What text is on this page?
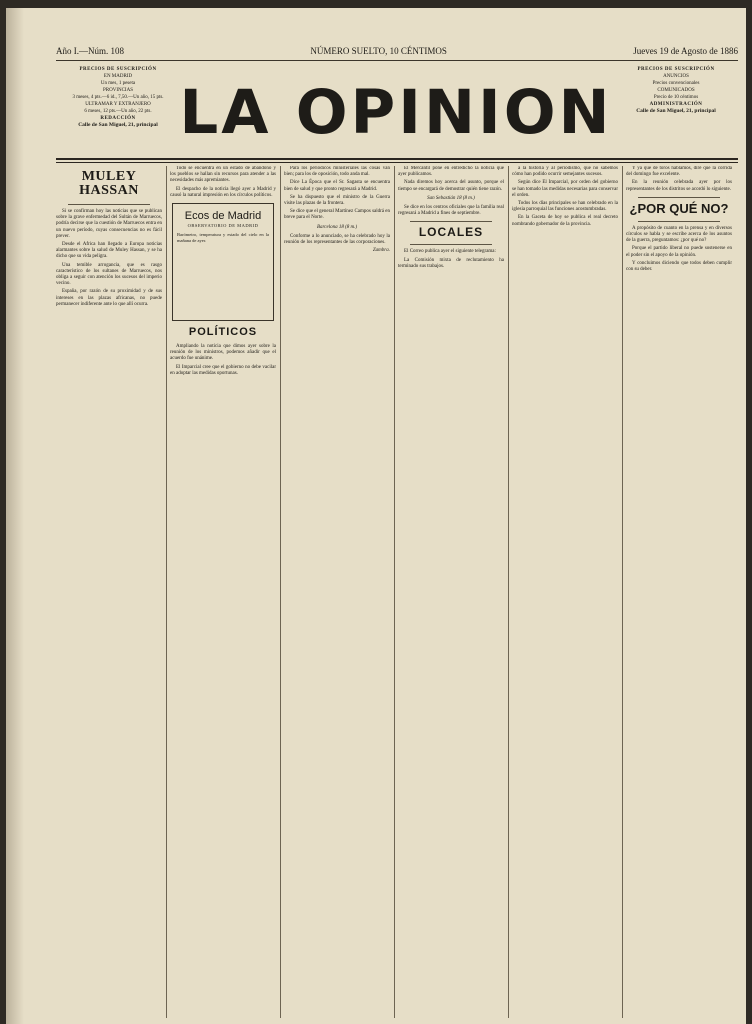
Año I.—Núm. 108	NÚMERO SUELTO, 10 CÉNTIMOS	Jueves 19 de Agosto de 1886
PRECIOS DE SUSCRIPCIÓN
EN MADRID
Un mes, 1 peseta
PROVINCIAS
3 meses, 4 pts.—6 id., 7,50.—Un año, 15 pts.
ULTRAMAR Y EXTRANJERO
6 meses, 12 pts.—Un año, 22 pts.
REDACCIÓN
Calle de San Miguel, 21, principal
PRECIOS DE SUSCRIPCIÓN
ANUNCIOS
Precios convencionales
COMUNICADOS
Precio de 10 céntimos
ADMINISTRACIÓN
Calle de San Miguel, 21, principal
LA OPINION
MULEY HASSAN

Si se confirman hoy las noticias que se publican sobre la grave enfermedad del Sultán de Marruecos, podría decirse que la cuestión de Marruecos entra en un nuevo período, cuyas consecuencias no es fácil prever.

Desde el Africa han llegado a Europa noticias alarmantes sobre la salud de Muley Hassan, y se ha dicho que su vida peligra.

Una temible arrogancia, que es rasgo característico de los sultanes de Marruecos, nos obliga a seguir con atención los sucesos del imperio vecino.

España, por razón de su proximidad y de sus intereses en las plazas africanas, no puede permanecer indiferente ante lo que allí ocurra.

Todo se encuentra en un estado de abandono y los pueblos se hallan sin recursos para atender a las necesidades más apremiantes.

El despacho de la noticia llegó ayer a Madrid y causó la natural impresión en los círculos políticos.

Ecos de Madrid
OBSERVATORIO DE MADRID
Barómetro, temperatura y estado del cielo en la mañana de ayer.
POLÍTICOS

Ampliando la noticia que dimos ayer sobre la reunión de los ministros, podemos añadir que el acuerdo fue unánime.

El Imparcial cree que el gobierno no debe vacilar en adoptar las medidas oportunas.

Para los periódicos ministeriales las cosas van bien; para los de oposición, todo anda mal.

Dice La Época que el Sr. Sagasta se encuentra bien de salud y que pronto regresará a Madrid.

Se ha dispuesto que el ministro de la Guerra visite las plazas de la frontera.

Se dice que el general Martínez Campos saldrá en breve para el Norte.

Barcelona 18 (8 m.)

Conforme a lo anunciado, se ha celebrado hoy la reunión de los representantes de las corporaciones.

Zambra.

El Mercantil pone en entredicho la noticia que ayer publicamos.

Nada diremos hoy acerca del asunto, porque el tiempo se encargará de demostrar quién tiene razón.

San Sebastián 18 (8 m.)

Se dice en los centros oficiales que la familia real regresará a Madrid a fines de septiembre.

LOCALES

El Correo publica ayer el siguiente telegrama:

La Comisión mixta de reclutamiento ha terminado sus trabajos.

a la historia y al periodismo, que no sabemos cómo han podido ocurrir semejantes sucesos.

Según dice El Imparcial, por orden del gobierno se han tomado las medidas necesarias para conservar el orden.

Todos los días principales se han celebrado en la iglesia parroquial las funciones acostumbradas.

En la Gaceta de hoy se publica el real decreto nombrando gobernador de la provincia.

Y ya que de toros hablamos, diré que la corrida del domingo fue excelente.

En la reunión celebrada ayer por los representantes de los distritos se acordó lo siguiente.

¿POR QUÉ NO?

A propósito de cuanto en la prensa y en diversos círculos se habla y se escribe acerca de los asuntos de la guerra, preguntamos: ¿por qué no?

Porque el partido liberal no puede sostenerse en el poder sin el apoyo de la opinión.

Y concluimos diciendo que todos deben cumplir con su deber.
